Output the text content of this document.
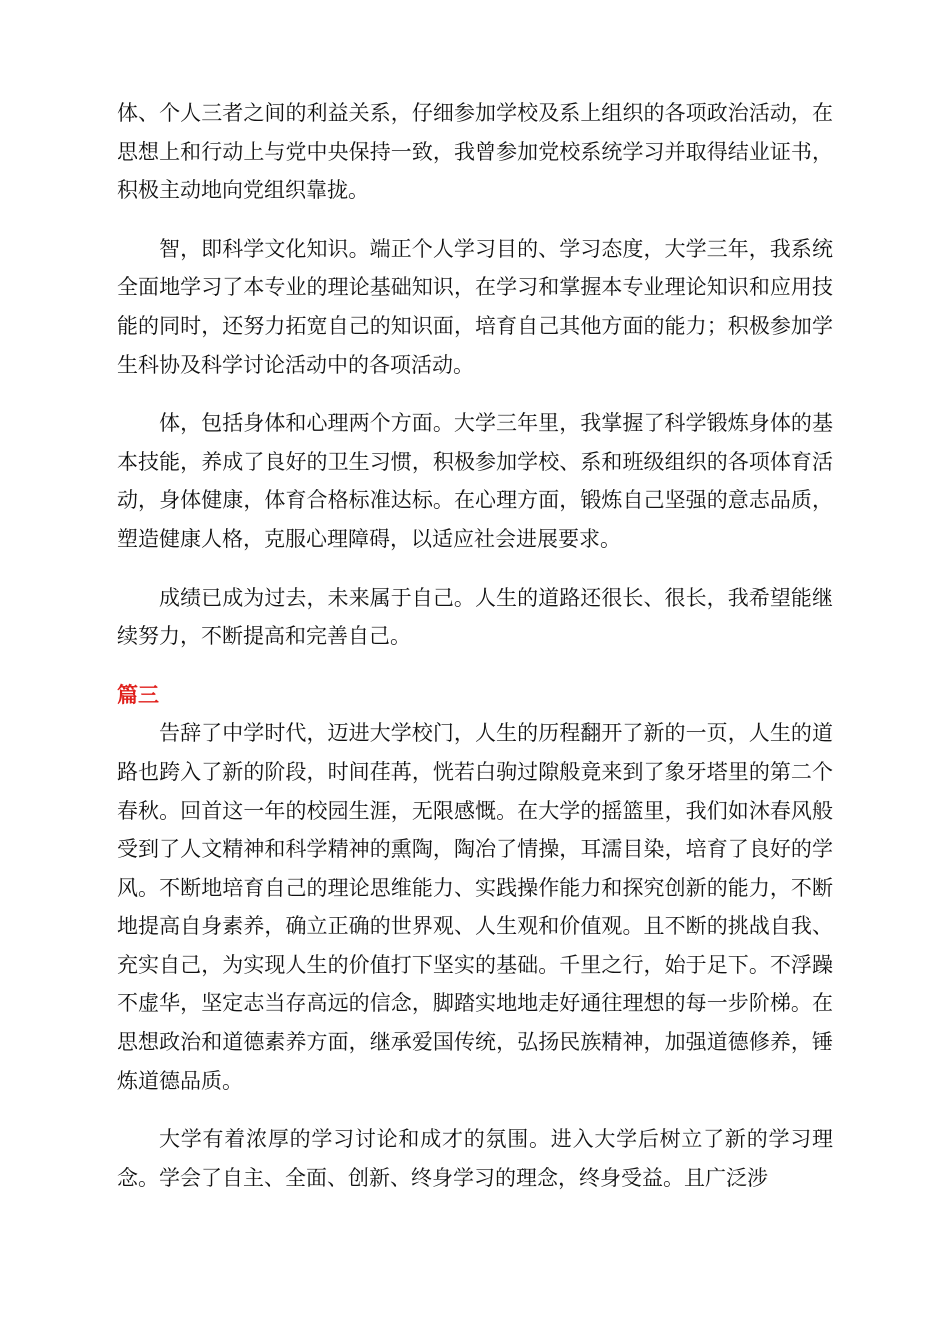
体、个人三者之间的利益关系，仔细参加学校及系上组织的各项政治活动，在思想上和行动上与党中央保持一致，我曾参加党校系统学习并取得结业证书，积极主动地向党组织靠拢。

智，即科学文化知识。端正个人学习目的、学习态度，大学三年，我系统全面地学习了本专业的理论基础知识，在学习和掌握本专业理论知识和应用技能的同时，还努力拓宽自己的知识面，培育自己其他方面的能力；积极参加学生科协及科学讨论活动中的各项活动。

体，包括身体和心理两个方面。大学三年里，我掌握了科学锻炼身体的基本技能，养成了良好的卫生习惯，积极参加学校、系和班级组织的各项体育活动，身体健康，体育合格标准达标。在心理方面，锻炼自己坚强的意志品质，塑造健康人格，克服心理障碍，以适应社会进展要求。

成绩已成为过去，未来属于自己。人生的道路还很长、很长，我希望能继续努力，不断提高和完善自己。

篇三

告辞了中学时代，迈进大学校门，人生的历程翻开了新的一页，人生的道路也跨入了新的阶段，时间荏苒，恍若白驹过隙般竟来到了象牙塔里的第二个春秋。回首这一年的校园生涯，无限感慨。在大学的摇篮里，我们如沐春风般受到了人文精神和科学精神的熏陶，陶冶了情操，耳濡目染，培育了良好的学风。不断地培育自己的理论思维能力、实践操作能力和探究创新的能力，不断地提高自身素养，确立正确的世界观、人生观和价值观。且不断的挑战自我、充实自己，为实现人生的价值打下坚实的基础。千里之行，始于足下。不浮躁不虚华，坚定志当存高远的信念，脚踏实地地走好通往理想的每一步阶梯。在思想政治和道德素养方面，继承爱国传统，弘扬民族精神，加强道德修养，锤炼道德品质。

大学有着浓厚的学习讨论和成才的氛围。进入大学后树立了新的学习理念。学会了自主、全面、创新、终身学习的理念，终身受益。且广泛涉
